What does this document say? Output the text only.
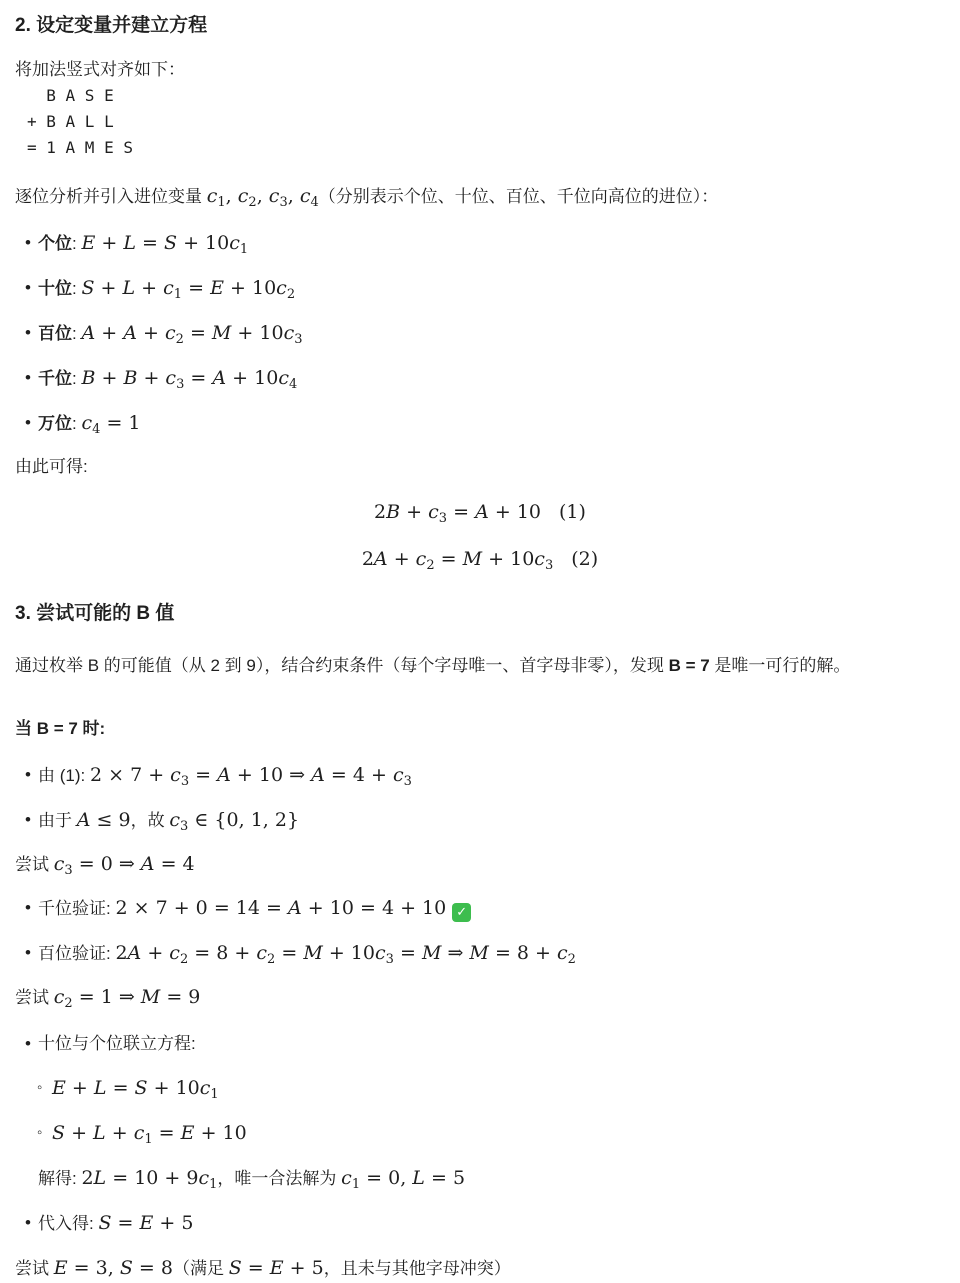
2. 设定变量并建立方程

将加法竖式对齐如下：

B A S E
+ B A L L
= 1 A M E S

逐位分析并引入进位变量 $c_1$, $c_2$, $c_3$, $c_4$（分别表示个位、十位、百位、千位向高位的进位）：

• 个位: $E + L = S + 10c_1$
• 十位: $S + L + c_1 = E + 10c_2$
• 百位: $A + A + c_2 = M + 10c_3$
• 千位: $B + B + c_3 = A + 10c_4$
• 万位: $c_4 = 1$

由此可得:

$2B + c_3 = A + 10$ (1)
$2A + c_2 = M + 10c_3$ (2)
3. 尝试可能的 B 值

通过枚举 B 的可能值（从 2 到 9），结合约束条件（每个字母唯一、首字母非零），发现 B = 7 是唯一可行的解。

当 B = 7 时:

• 由 (1): $2 \times 7 + c_3 = A + 10$ ⇒ $A = 4 + c_3$
• 由于 A ≤ 9，故 $c_3$ ∈ {0, 1, 2}

尝试 $c_3 = 0$ ⇒ A = 4

• 千位验证: 2 × 7 + 0 = 14 = A + 10 = 4 + 10 ✓
• 百位验证: $2A + c_2 = 8 + c_2 = M + 10c_3 = M$ ⇒ $M = 8 + c_2$

尝试 $c_2 = 1$ ⇒ M = 9

• 十位与个位联立方程:
◦ $E + L = S + 10c_1$
◦ $S + L + c_1 = E + 10$
解得: $2L = 10 + 9c_1$，唯一合法解为 $c_1 = 0$, L = 5
• 代入得: S = E + 5

尝试 E = 3, S = 8（满足 S = E + 5，且未与其他字母冲突）
